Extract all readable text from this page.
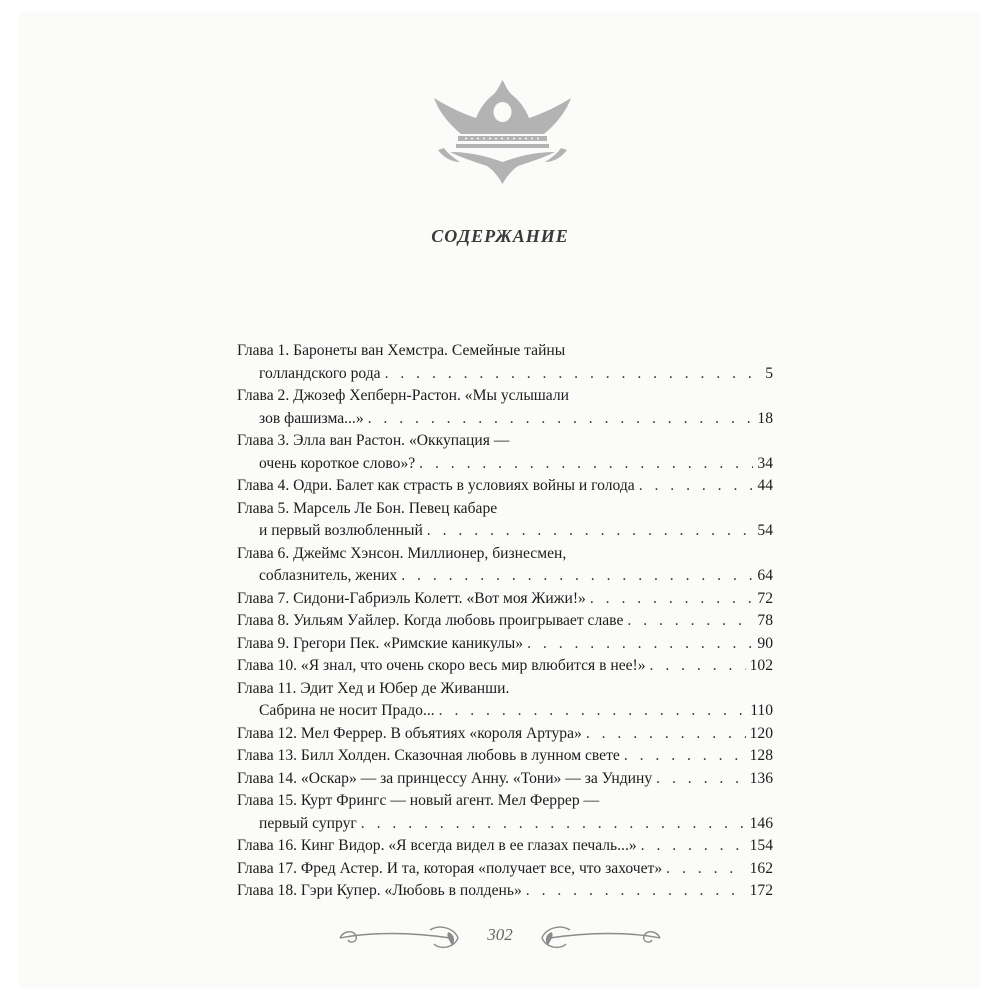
СОДЕРЖАНИЕ
Глава 1. Баронеты ван Хемстра. Семейные тайны
голландского рода . . .	5
Глава 2. Джозеф Хепберн-Растон. «Мы услышали
зов фашизма...» . . .	18
Глава 3. Элла ван Растон. «Оккупация —
очень короткое слово»? . . .	34
Глава 4. Одри. Балет как страсть в условиях войны и голода . . .	44
Глава 5. Марсель Ле Бон. Певец кабаре
и первый возлюбленный . . .	54
Глава 6. Джеймс Хэнсон. Миллионер, бизнесмен,
соблазнитель, жених . . .	64
Глава 7. Сидони-Габриэль Колетт. «Вот моя Жижи!» . . .	72
Глава 8. Уильям Уайлер. Когда любовь проигрывает славе . . .	78
Глава 9. Грегори Пек. «Римские каникулы» . . .	90
Глава 10. «Я знал, что очень скоро весь мир влюбится в нее!» . . .	102
Глава 11. Эдит Хед и Юбер де Живанши.
Сабрина не носит Прадо... . . .	110
Глава 12. Мел Феррер. В объятиях «короля Артура» . . .	120
Глава 13. Билл Холден. Сказочная любовь в лунном свете . . .	128
Глава 14. «Оскар» — за принцессу Анну. «Тони» — за Ундину . . .	136
Глава 15. Курт Фрингс — новый агент. Мел Феррер —
первый супруг . . .	146
Глава 16. Кинг Видор. «Я всегда видел в ее глазах печаль...» . . .	154
Глава 17. Фред Астер. И та, которая «получает все, что захочет» . . .	162
Глава 18. Гэри Купер. «Любовь в полдень» . . .	172
302
